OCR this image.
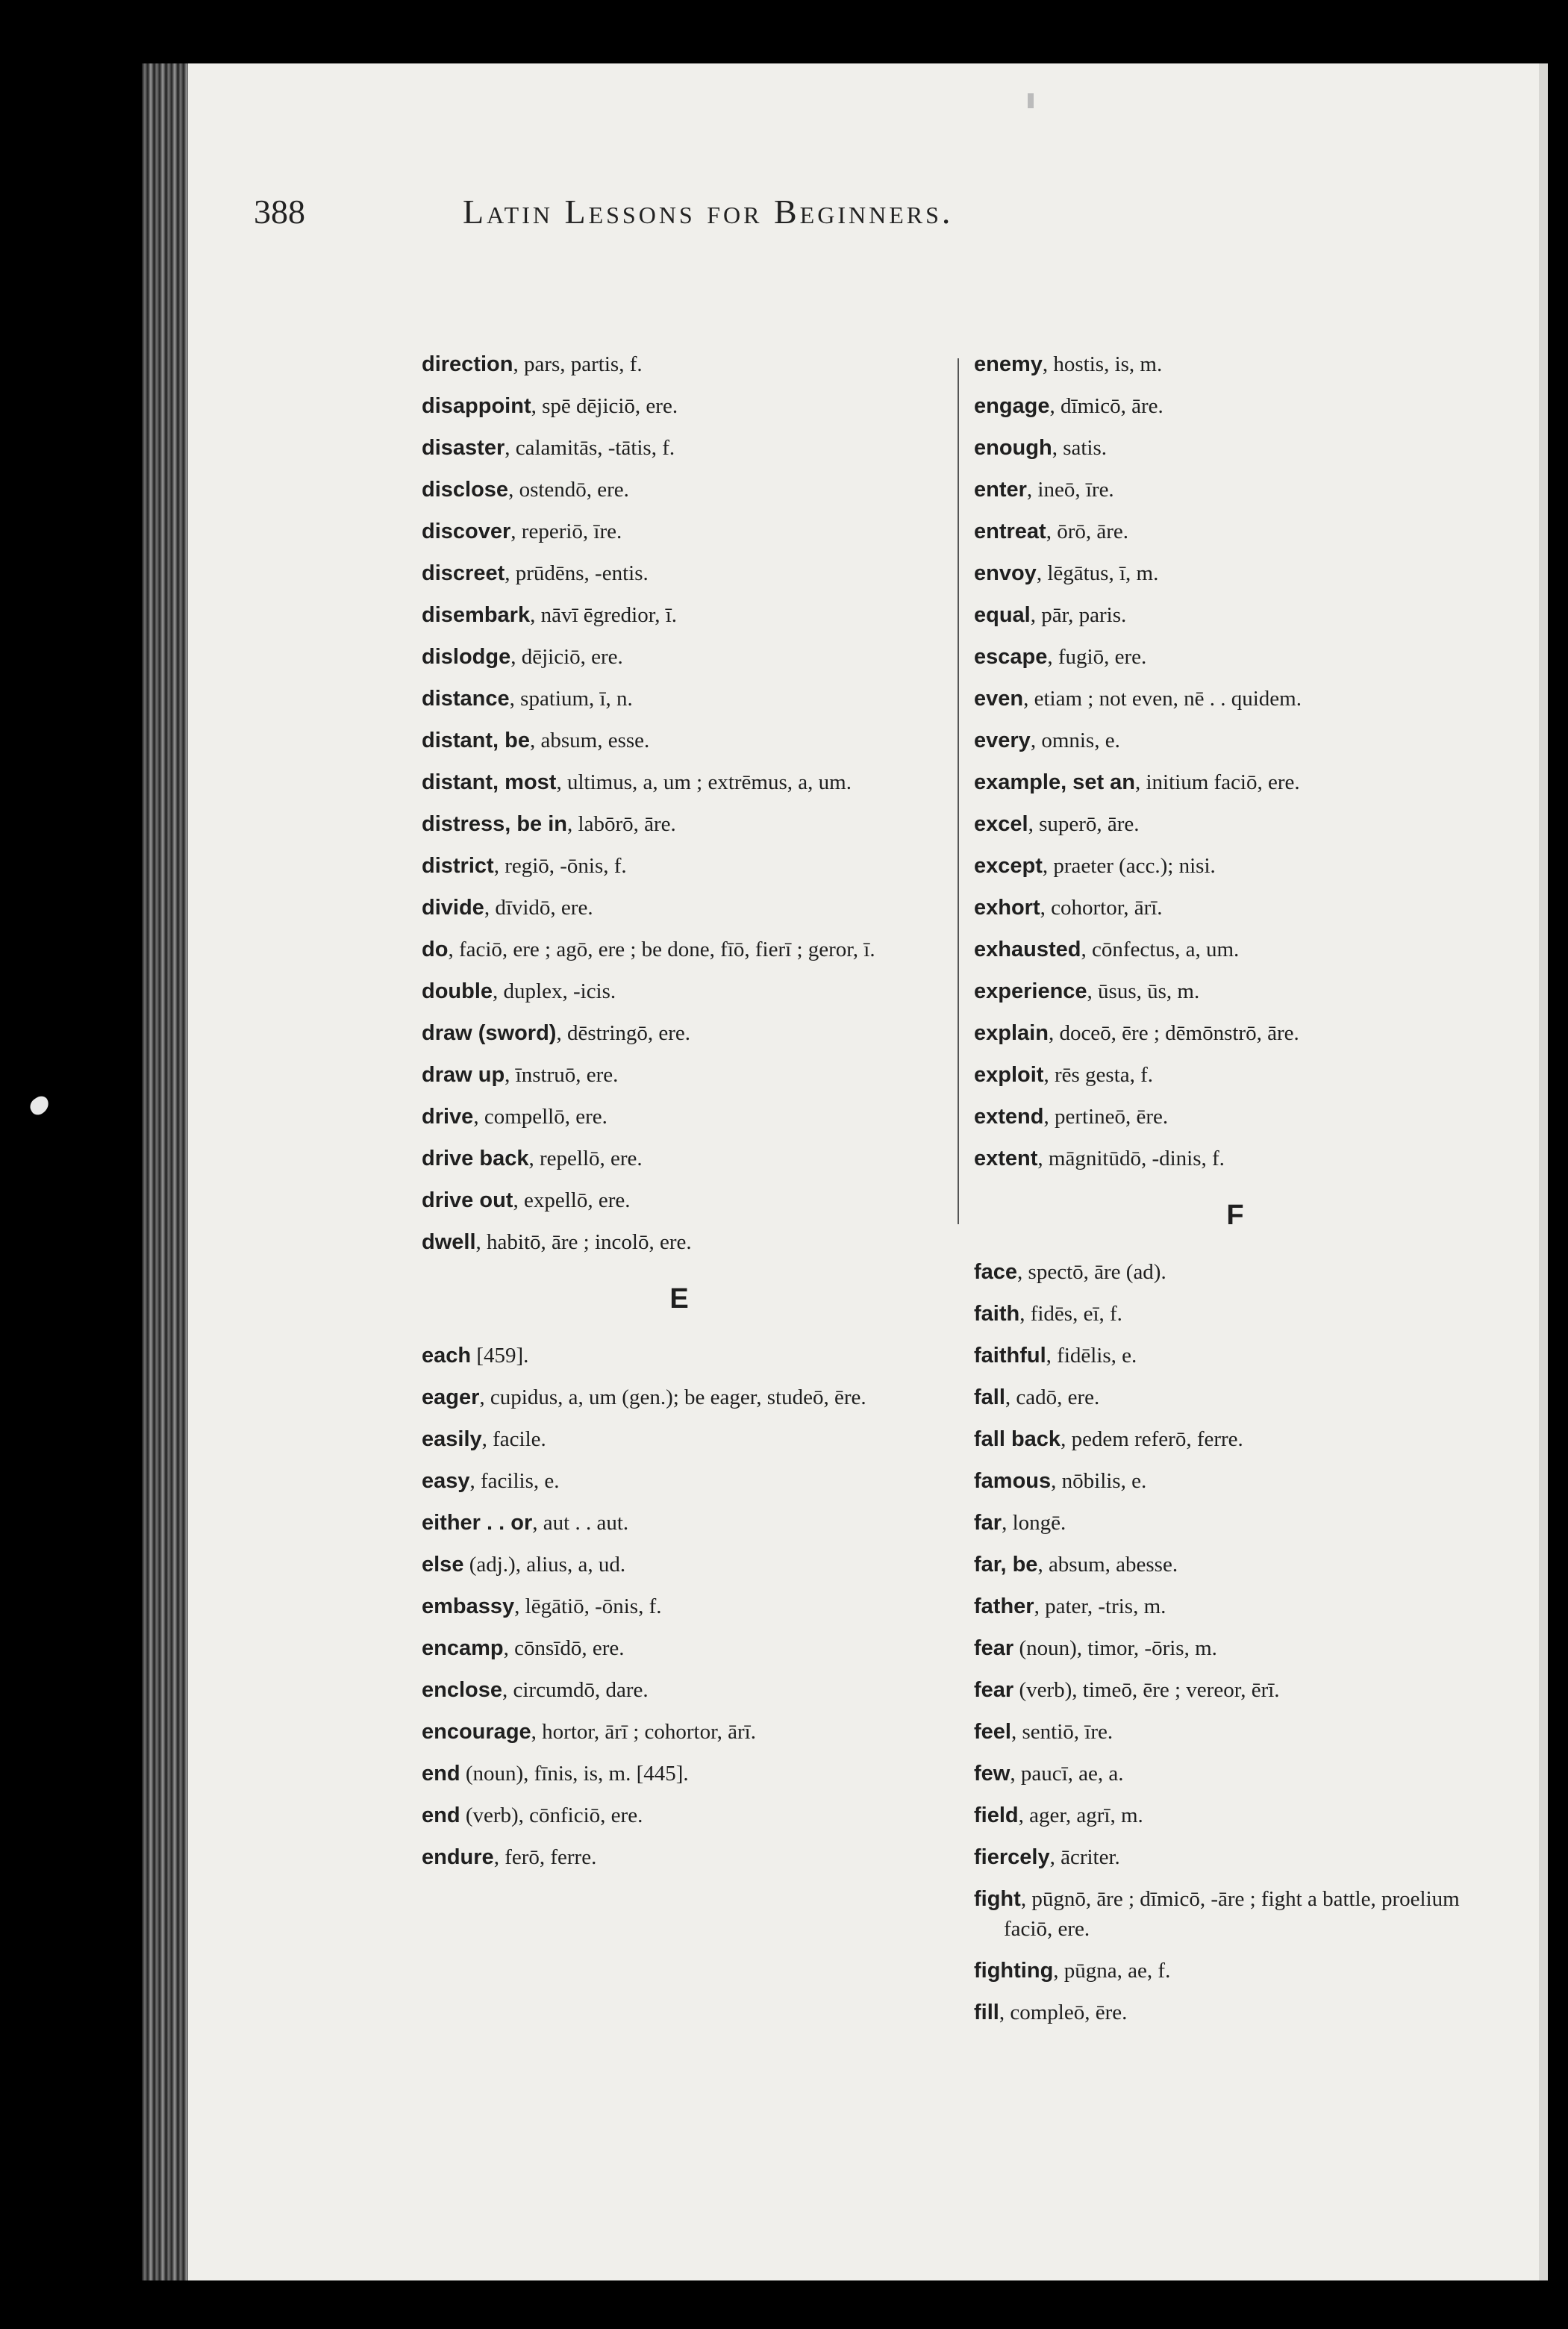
388	Latin Lessons for Beginners.

direction, pars, partis, f.

disappoint, spē dējiciō, ere.

disaster, calamitās, -tātis, f.

disclose, ostendō, ere.

discover, reperiō, īre.

discreet, prūdēns, -entis.

disembark, nāvī ēgredior, ī.

dislodge, dējiciō, ere.

distance, spatium, ī, n.

distant, be, absum, esse.

distant, most, ultimus, a, um ; extrēmus, a, um.

distress, be in, labōrō, āre.

district, regiō, -ōnis, f.

divide, dīvidō, ere.

do, faciō, ere ; agō, ere ; be done, fīō, fierī ; geror, ī.

double, duplex, -icis.

draw (sword), dēstringō, ere.

draw up, īnstruō, ere.

drive, compellō, ere.

drive back, repellō, ere.

drive out, expellō, ere.

dwell, habitō, āre ; incolō, ere.

E

each [459].

eager, cupidus, a, um (gen.); be eager, studeō, ēre.

easily, facile.

easy, facilis, e.

either . . or, aut . . aut.

else (adj.), alius, a, ud.

embassy, lēgātiō, -ōnis, f.

encamp, cōnsīdō, ere.

enclose, circumdō, dare.

encourage, hortor, ārī ; cohortor, ārī.

end (noun), fīnis, is, m. [445].

end (verb), cōnficiō, ere.

endure, ferō, ferre.

enemy, hostis, is, m.

engage, dīmicō, āre.

enough, satis.

enter, ineō, īre.

entreat, ōrō, āre.

envoy, lēgātus, ī, m.

equal, pār, paris.

escape, fugiō, ere.

even, etiam ; not even, nē . . quidem.

every, omnis, e.

example, set an, initium faciō, ere.

excel, superō, āre.

except, praeter (acc.); nisi.

exhort, cohortor, ārī.

exhausted, cōnfectus, a, um.

experience, ūsus, ūs, m.

explain, doceō, ēre ; dēmōnstrō, āre.

exploit, rēs gesta, f.

extend, pertineō, ēre.

extent, māgnitūdō, -dinis, f.

F

face, spectō, āre (ad).

faith, fidēs, eī, f.

faithful, fidēlis, e.

fall, cadō, ere.

fall back, pedem referō, ferre.

famous, nōbilis, e.

far, longē.

far, be, absum, abesse.

father, pater, -tris, m.

fear (noun), timor, -ōris, m.

fear (verb), timeō, ēre ; vereor, ērī.

feel, sentiō, īre.

few, paucī, ae, a.

field, ager, agrī, m.

fiercely, ācriter.

fight, pūgnō, āre ; dīmicō, -āre ; fight a battle, proelium faciō, ere.

fighting, pūgna, ae, f.

fill, compleō, ēre.
